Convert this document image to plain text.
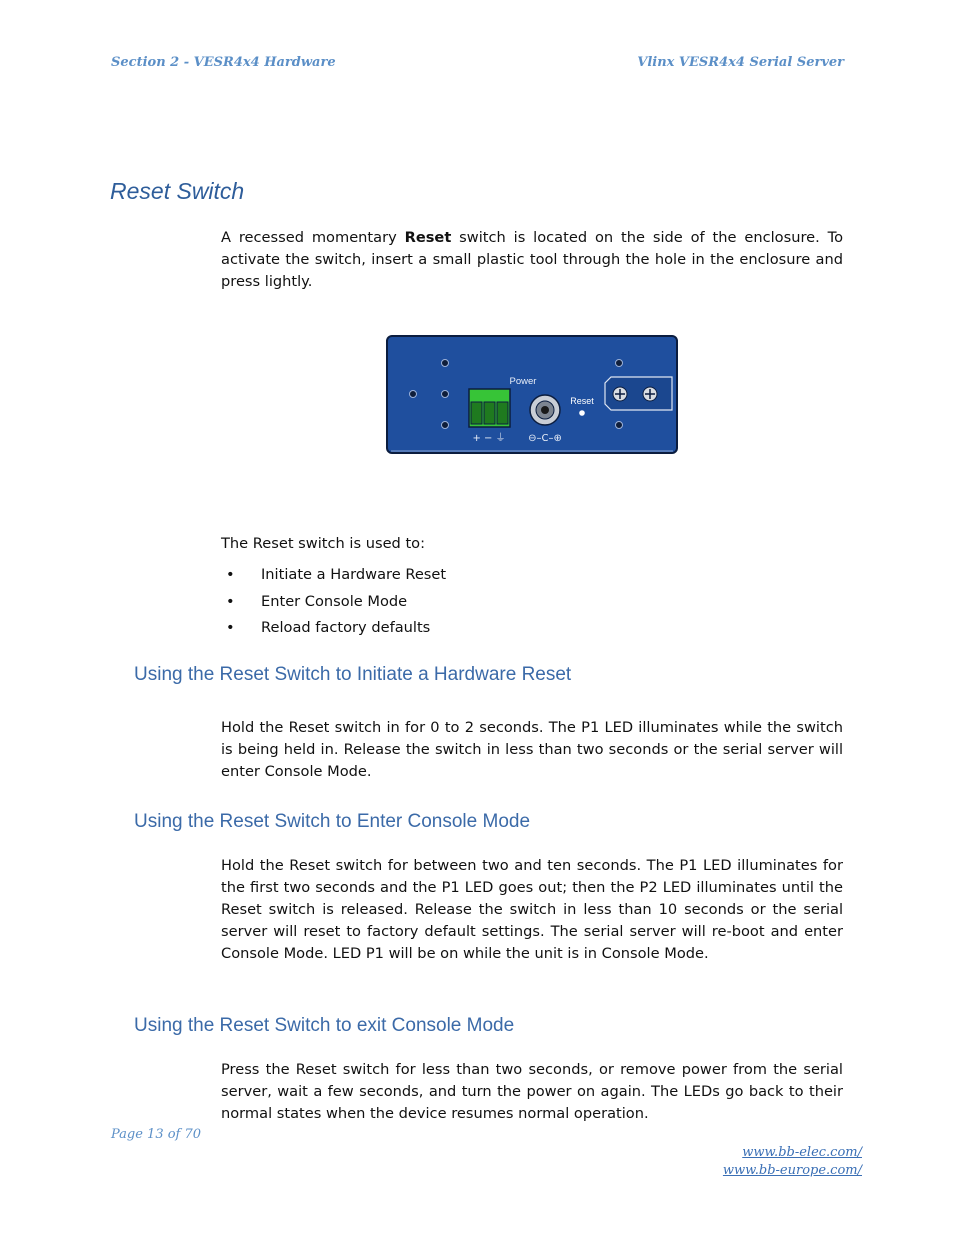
Section 2 - VESR4x4 Hardware	Vlinx VESR4x4 Serial Server
Reset Switch
A recessed momentary Reset switch is located on the side of the enclosure. To activate the switch, insert a small plastic tool through the hole in the enclosure and press lightly.
Power
+ − ⏚ ⊖–C–⊕
Reset
The Reset switch is used to:
• Initiate a Hardware Reset
• Enter Console Mode
• Reload factory defaults
Using the Reset Switch to Initiate a Hardware Reset
Hold the Reset switch in for 0 to 2 seconds. The P1 LED illuminates while the switch is being held in. Release the switch in less than two seconds or the serial server will enter Console Mode.
Using the Reset Switch to Enter Console Mode
Hold the Reset switch for between two and ten seconds. The P1 LED illuminates for the first two seconds and the P1 LED goes out; then the P2 LED illuminates until the Reset switch is released. Release the switch in less than 10 seconds or the serial server will reset to factory default settings. The serial server will re-boot and enter Console Mode. LED P1 will be on while the unit is in Console Mode.
Using the Reset Switch to exit Console Mode
Press the Reset switch for less than two seconds, or remove power from the serial server, wait a few seconds, and turn the power on again. The LEDs go back to their normal states when the device resumes normal operation.
Page 13 of 70
www.bb-elec.com/
www.bb-europe.com/
